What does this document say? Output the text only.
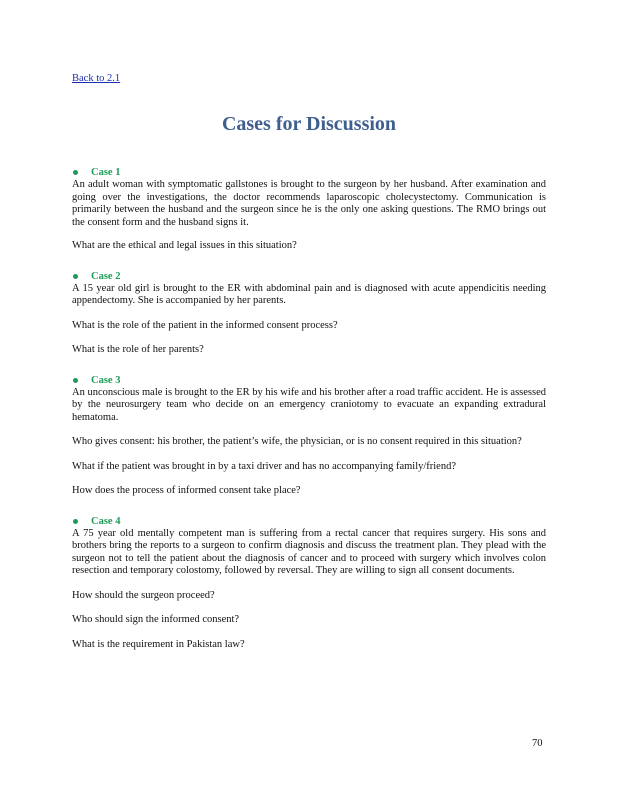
Back to 2.1
Cases for Discussion
Case 1

An adult woman with symptomatic gallstones is brought to the surgeon by her husband. After examination and going over the investigations, the doctor recommends laparoscopic cholecystectomy. Communication is primarily between the husband and the surgeon since he is the only one asking questions. The RMO brings out the consent form and the husband signs it.

What are the ethical and legal issues in this situation?

Case 2

A 15 year old girl is brought to the ER with abdominal pain and is diagnosed with acute appendicitis needing appendectomy. She is accompanied by her parents.

What is the role of the patient in the informed consent process?

What is the role of her parents?

Case 3

An unconscious male is brought to the ER by his wife and his brother after a road traffic accident. He is assessed by the neurosurgery team who decide on an emergency craniotomy to evacuate an expanding extradural hematoma.

Who gives consent: his brother, the patient’s wife, the physician, or is no consent required in this situation?

What if the patient was brought in by a taxi driver and has no accompanying family/friend?

How does the process of informed consent take place?

Case 4

A 75 year old mentally competent man is suffering from a rectal cancer that requires surgery. His sons and brothers bring the reports to a surgeon to confirm diagnosis and discuss the treatment plan. They plead with the surgeon not to tell the patient about the diagnosis of cancer and to proceed with surgery which involves colon resection and temporary colostomy, followed by reversal. They are willing to sign all consent documents.

How should the surgeon proceed?

Who should sign the informed consent?

What is the requirement in Pakistan law?

70
